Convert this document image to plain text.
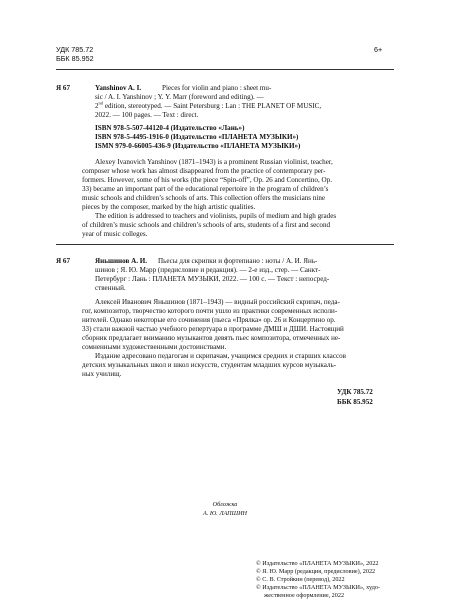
УДК 785.72
ББК 85.952
6+
Я 67	Yanshinov A. I.	Pieces for violin and piano : sheet mu-
sic / A. I. Yanshinov ; Y. Y. Marr (foreword and editing). —
2nd edition, stereotyped. — Saint Petersburg : Lan : THE PLANET OF MUSIC,
2022. — 100 pages. — Text : direct.
ISBN 978-5-507-44120-4 (Издательство «Лань»)
ISBN 978-5-4495-1916-0 (Издательство «ПЛАНЕТА МУЗЫКИ»)
ISMN 979-0-66005-436-9 (Издательство «ПЛАНЕТА МУЗЫКИ»)
Alexey Ivanovich Yanshinov (1871–1943) is a prominent Russian violinist, teacher,
composer whose work has almost disappeared from the practice of contemporary per-
formers. However, some of his works (the piece “Spin-off”, Op. 26 and Concertino, Op.
33) became an important part of the educational repertoire in the program of children’s
music schools and children’s schools of arts. This collection offers the musicians nine
pieces by the composer, marked by the high artistic qualities.
The edition is addressed to teachers and violinists, pupils of medium and high grades
of children’s music schools and children’s schools of arts, students of a first and second
year of music colleges.
Я 67	Яньшинов А. И. Пьесы для скрипки и фортепиано : ноты / А. И. Янь-
шинов ; Я. Ю. Марр (предисловие и редакция). — 2-е изд., стер. — Санкт-
Петербург : Лань : ПЛАНЕТА МУЗЫКИ, 2022. — 100 с. — Текст : непосред-
ственный.
Алексей Иванович Яньшинов (1871–1943) — видный российский скрипач, педа-
гог, композитор, творчество которого почти ушло из практики современных исполи-
нителей. Однако некоторые его сочинения (пьеса «Прялка» ор. 26 и Концертино ор.
33) стали важной частью учебного репертуара в программе ДМШ и ДШИ. Настоящий
сборник предлагает вниманию музыкантов девять пьес композитора, отмеченных не-
сомненными художественными достоинствами.
Издание адресовано педагогам и скрипачам, учащимся средних и старших классов
детских музыкальных школ и школ искусств, студентам младших курсов музыкаль-
ных училищ.
УДК 785.72
ББК 85.952
Обложка
А. Ю. ЛАПШИН
© Издательство «ПЛАНЕТА МУЗЫКИ», 2022
© Я. Ю. Марр (редакция, предисловие), 2022
© С. В. Стройкин (перевод), 2022
© Издательство «ПЛАНЕТА МУЗЫКИ», худо-
жественное оформление, 2022
